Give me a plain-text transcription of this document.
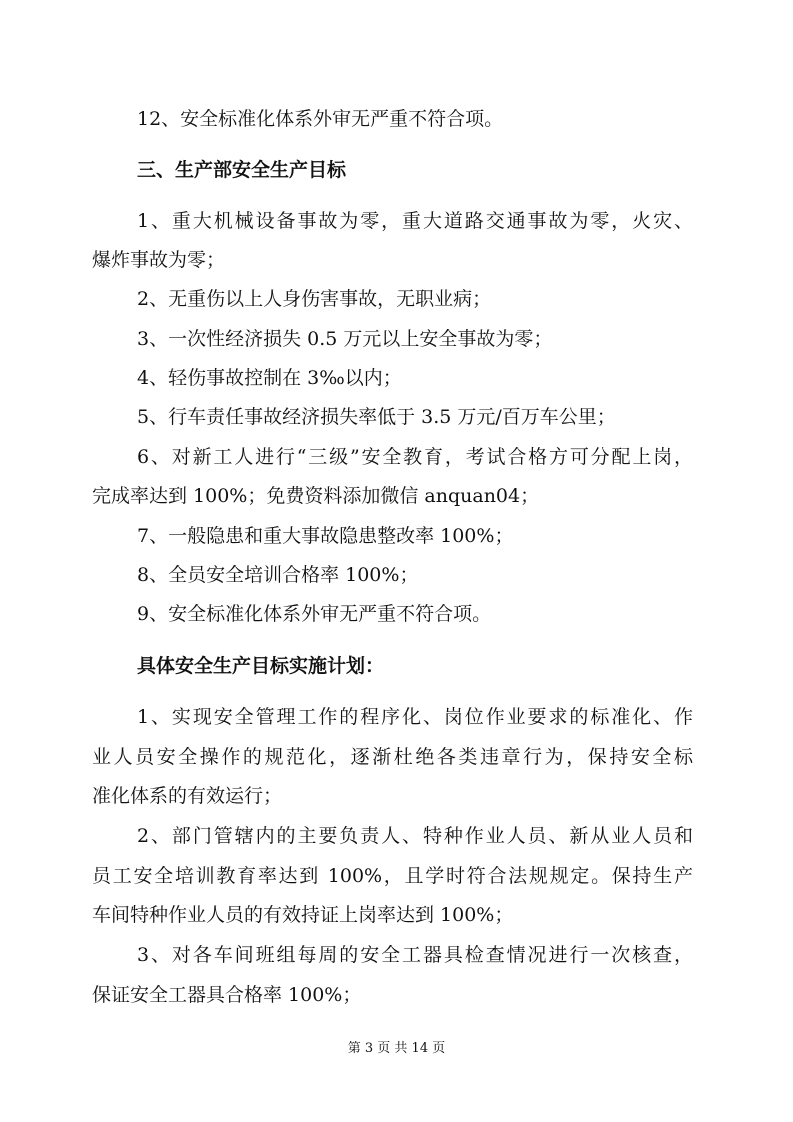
12、安全标准化体系外审无严重不符合项。

三、生产部安全生产目标

1、重大机械设备事故为零，重大道路交通事故为零，火灾、

爆炸事故为零；

2、无重伤以上人身伤害事故，无职业病；

3、一次性经济损失 0.5 万元以上安全事故为零；

4、轻伤事故控制在 3‰以内；

5、行车责任事故经济损失率低于 3.5 万元/百万车公里；

6、对新工人进行“三级”安全教育，考试合格方可分配上岗，

完成率达到 100%；免费资料添加微信 anquan04；

7、一般隐患和重大事故隐患整改率 100%；

8、全员安全培训合格率 100%；

9、安全标准化体系外审无严重不符合项。

具体安全生产目标实施计划：

1、实现安全管理工作的程序化、岗位作业要求的标准化、作

业人员安全操作的规范化，逐渐杜绝各类违章行为，保持安全标

准化体系的有效运行；

2、部门管辖内的主要负责人、特种作业人员、新从业人员和

员工安全培训教育率达到 100%，且学时符合法规规定。保持生产

车间特种作业人员的有效持证上岗率达到 100%；

3、对各车间班组每周的安全工器具检查情况进行一次核查，

保证安全工器具合格率 100%；

第 3 页 共 14 页
